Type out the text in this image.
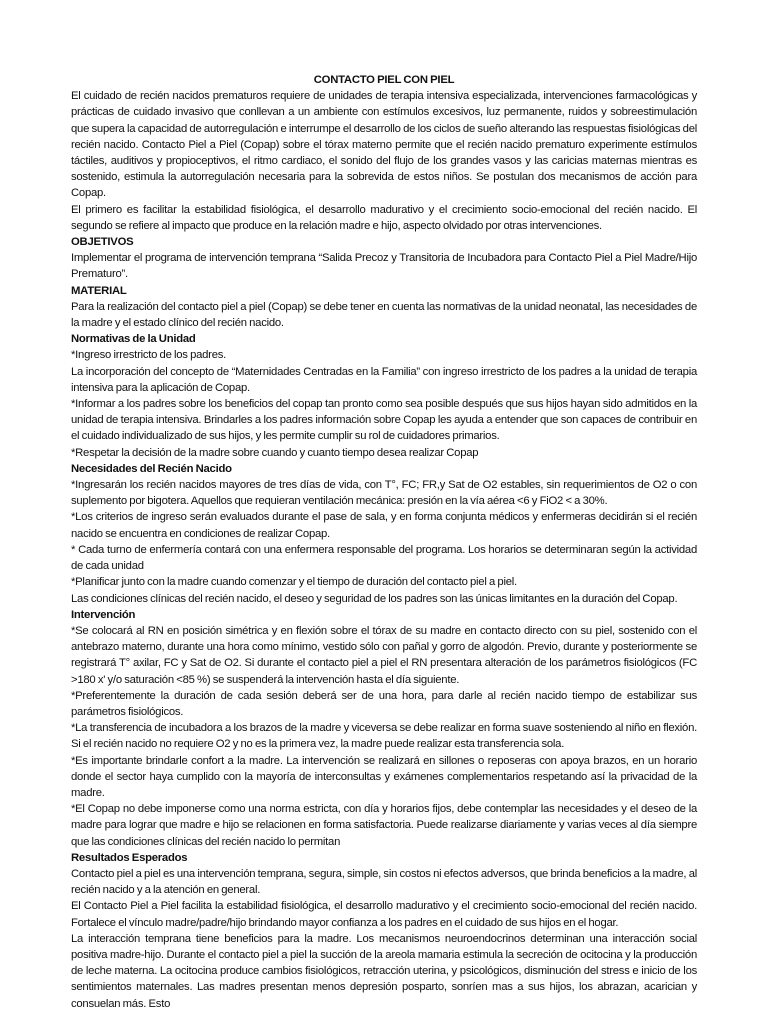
CONTACTO PIEL CON PIEL

El cuidado de recién nacidos prematuros requiere de unidades de terapia intensiva especializada, intervenciones farmacológicas y prácticas de cuidado invasivo que conllevan a un ambiente con estímulos excesivos, luz permanente, ruidos y sobreestimulación que supera la capacidad de autorregulación e interrumpe el desarrollo de los ciclos de sueño alterando las respuestas fisiológicas del recién nacido. Contacto Piel a Piel (Copap) sobre el tórax materno permite que el recién nacido prematuro experimente estímulos táctiles, auditivos y propioceptivos, el ritmo cardiaco, el sonido del flujo de los grandes vasos y las caricias maternas mientras es sostenido, estimula la autorregulación necesaria para la sobrevida de estos niños. Se postulan dos mecanismos de acción para Copap.

El primero es facilitar la estabilidad fisiológica, el desarrollo madurativo y el crecimiento socio-emocional del recién nacido. El segundo se refiere al impacto que produce en la relación madre e hijo, aspecto olvidado por otras intervenciones.

OBJETIVOS

Implementar el programa de intervención temprana “Salida Precoz y Transitoria de Incubadora para Contacto Piel a Piel Madre/Hijo Prematuro”.

MATERIAL

Para la realización del contacto piel a piel (Copap) se debe tener en cuenta las normativas de la unidad neonatal, las necesidades de la madre y el estado clínico del recién nacido.

Normativas de la Unidad

*Ingreso irrestricto de los padres.

La incorporación del concepto de “Maternidades Centradas en la Familia” con ingreso irrestricto de los padres a la unidad de terapia intensiva para la aplicación de Copap.

*Informar a los padres sobre los beneficios del copap tan pronto como sea posible después que sus hijos hayan sido admitidos en la unidad de terapia intensiva. Brindarles a los padres información sobre Copap les ayuda a entender que son capaces de contribuir en el cuidado individualizado de sus hijos, y les permite cumplir su rol de cuidadores primarios.

*Respetar la decisión de la madre sobre cuando y cuanto tiempo desea realizar Copap

Necesidades del Recién Nacido

*Ingresarán los recién nacidos mayores de tres días de vida, con T°, FC; FR,y Sat de O2 estables, sin requerimientos de O2 o con suplemento por bigotera. Aquellos que requieran ventilación mecánica: presión en la vía aérea <6 y FiO2 < a 30%.

*Los criterios de ingreso serán evaluados durante el pase de sala, y en forma conjunta médicos y enfermeras decidirán si el recién nacido se encuentra en condiciones de realizar Copap.

* Cada turno de enfermería contará con una enfermera responsable del programa. Los horarios se determinaran según la actividad de cada unidad

*Planificar junto con la madre cuando comenzar y el tiempo de duración del contacto piel a piel.

Las condiciones clínicas del recién nacido, el deseo y seguridad de los padres son las únicas limitantes en la duración del Copap.

Intervención

*Se colocará al RN en posición simétrica y en flexión sobre el tórax de su madre en contacto directo con su piel, sostenido con el antebrazo materno, durante una hora como mínimo, vestido sólo con pañal y gorro de algodón. Previo, durante y posteriormente se registrará T° axilar, FC y Sat de O2. Si durante el contacto piel a piel el RN presentara alteración de los parámetros fisiológicos (FC >180 x' y/o saturación <85 %) se suspenderá la intervención hasta el día siguiente.

*Preferentemente la duración de cada sesión deberá ser de una hora, para darle al recién nacido tiempo de estabilizar sus parámetros fisiológicos.

*La transferencia de incubadora a los brazos de la madre y viceversa se debe realizar en forma suave sosteniendo al niño en flexión. Si el recién nacido no requiere O2 y no es la primera vez, la madre puede realizar esta transferencia sola.

*Es importante brindarle confort a la madre. La intervención se realizará en sillones o reposeras con apoya brazos, en un horario donde el sector haya cumplido con la mayoría de interconsultas y exámenes complementarios respetando así la privacidad de la madre.

*El Copap no debe imponerse como una norma estricta, con día y horarios fijos, debe contemplar las necesidades y el deseo de la madre para lograr que madre e hijo se relacionen en forma satisfactoria. Puede realizarse diariamente y varias veces al día siempre que las condiciones clínicas del recién nacido lo permitan

Resultados Esperados

Contacto piel a piel es una intervención temprana, segura, simple, sin costos ni efectos adversos, que brinda beneficios a la madre, al recién nacido y a la atención en general.

El Contacto Piel a Piel facilita la estabilidad fisiológica, el desarrollo madurativo y el crecimiento socio-emocional del recién nacido. Fortalece el vínculo madre/padre/hijo brindando mayor confianza a los padres en el cuidado de sus hijos en el hogar.

La interacción temprana tiene beneficios para la madre. Los mecanismos neuroendocrinos determinan una interacción social positiva madre-hijo. Durante el contacto piel a piel la succión de la areola mamaria estimula la secreción de ocitocina y la producción de leche materna. La ocitocina produce cambios fisiológicos, retracción uterina, y psicológicos, disminución del stress e inicio de los sentimientos maternales. Las madres presentan menos depresión posparto, sonríen mas a sus hijos, los abrazan, acarician y consuelan más. Esto
